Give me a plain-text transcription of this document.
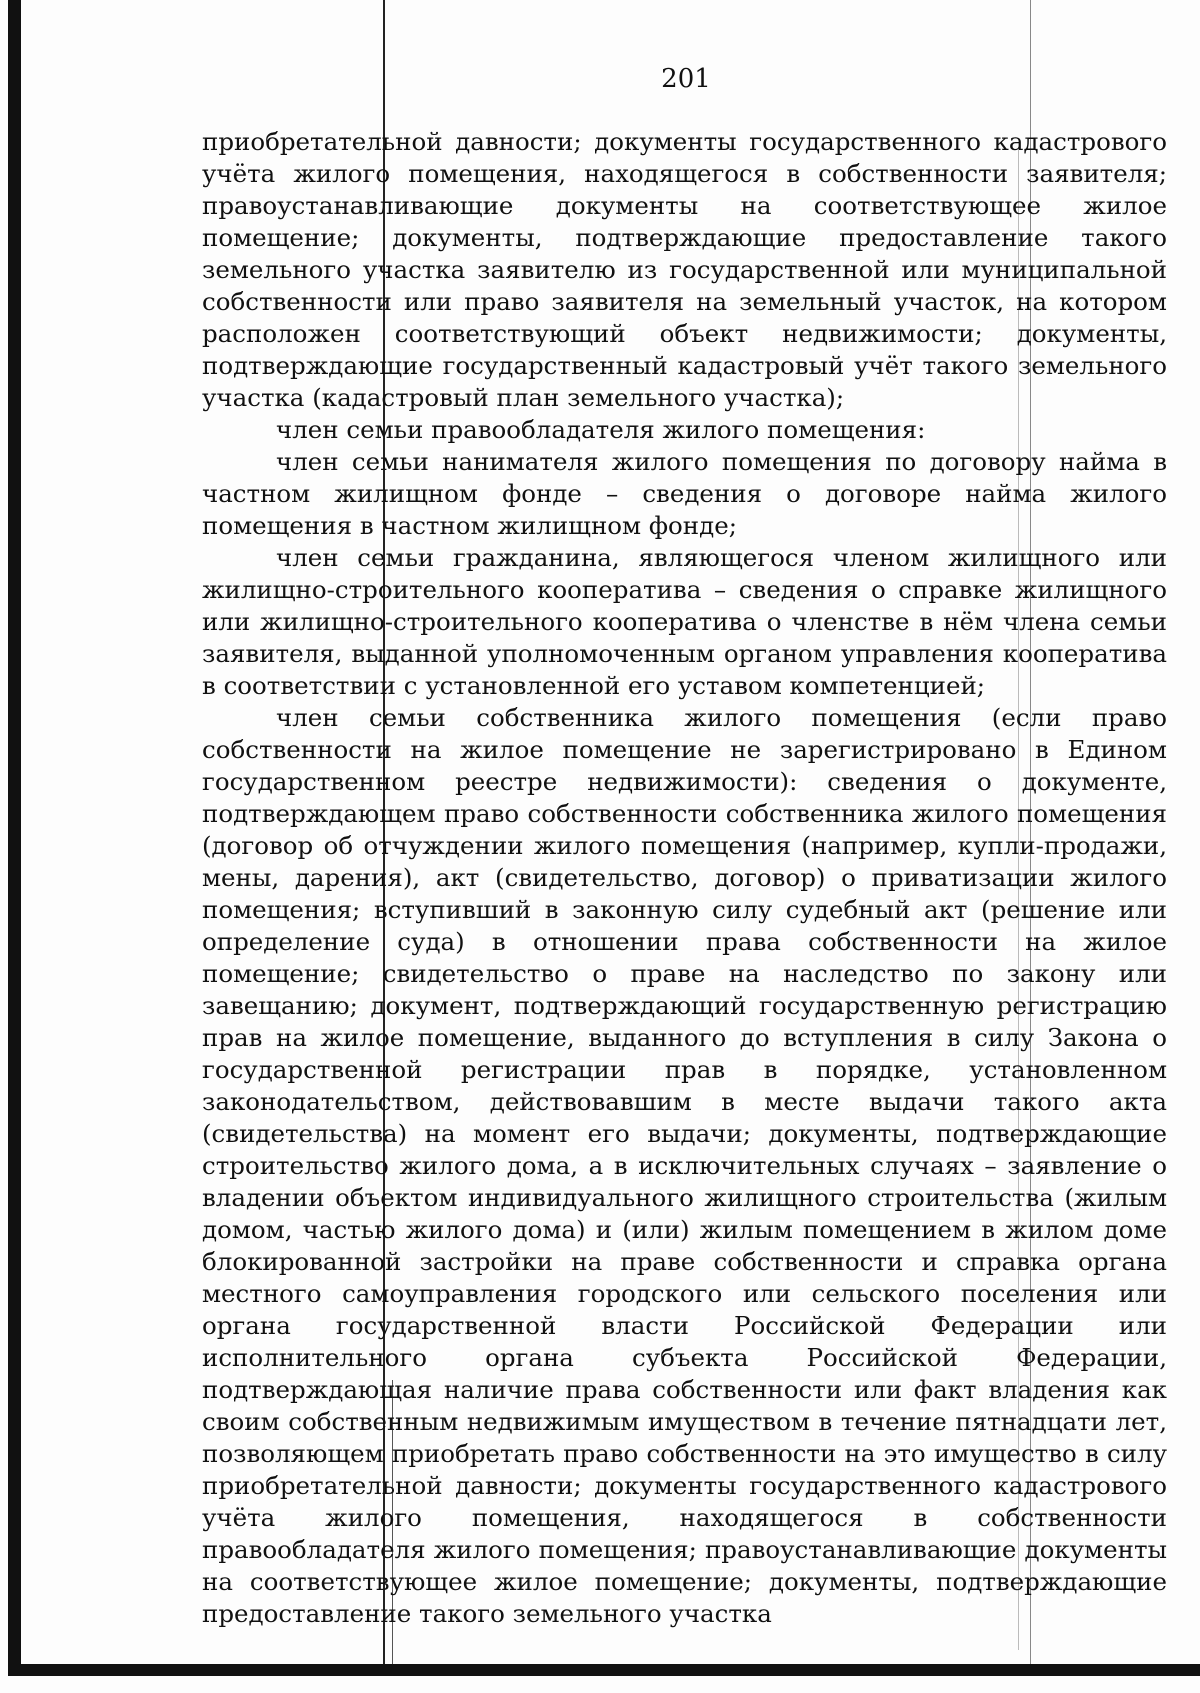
201

приобретательной давности; документы государственного кадастрового учёта жилого помещения, находящегося в собственности заявителя; правоустанавливающие документы на соответствующее жилое помещение; документы, подтверждающие предоставление такого земельного участка заявителю из государственной или муниципальной собственности или право заявителя на земельный участок, на котором расположен соответствующий объект недвижимости; документы, подтверждающие государственный кадастровый учёт такого земельного участка (кадастровый план земельного участка);

член семьи правообладателя жилого помещения:

член семьи нанимателя жилого помещения по договору найма в частном жилищном фонде – сведения о договоре найма жилого помещения в частном жилищном фонде;

член семьи гражданина, являющегося членом жилищного или жилищно-строительного кооператива – сведения о справке жилищного или жилищно-строительного кооператива о членстве в нём члена семьи заявителя, выданной уполномоченным органом управления кооператива в соответствии с установленной его уставом компетенцией;

член семьи собственника жилого помещения (если право собственности на жилое помещение не зарегистрировано в Едином государственном реестре недвижимости): сведения о документе, подтверждающем право собственности собственника жилого помещения (договор об отчуждении жилого помещения (например, купли-продажи, мены, дарения), акт (свидетельство, договор) о приватизации жилого помещения; вступивший в законную силу судебный акт (решение или определение суда) в отношении права собственности на жилое помещение; свидетельство о праве на наследство по закону или завещанию; документ, подтверждающий государственную регистрацию прав на жилое помещение, выданного до вступления в силу Закона о государственной регистрации прав в порядке, установленном законодательством, действовавшим в месте выдачи такого акта (свидетельства) на момент его выдачи; документы, подтверждающие строительство жилого дома, а в исключительных случаях – заявление о владении объектом индивидуального жилищного строительства (жилым домом, частью жилого дома) и (или) жилым помещением в жилом доме блокированной застройки на праве собственности и справка органа местного самоуправления городского или сельского поселения или органа государственной власти Российской Федерации или исполнительного органа субъекта Российской Федерации, подтверждающая наличие права собственности или факт владения как своим собственным недвижимым имуществом в течение пятнадцати лет, позволяющем приобретать право собственности на это имущество в силу приобретательной давности; документы государственного кадастрового учёта жилого помещения, находящегося в собственности правообладателя жилого помещения; правоустанавливающие документы на соответствующее жилое помещение; документы, подтверждающие предоставление такого земельного участка
